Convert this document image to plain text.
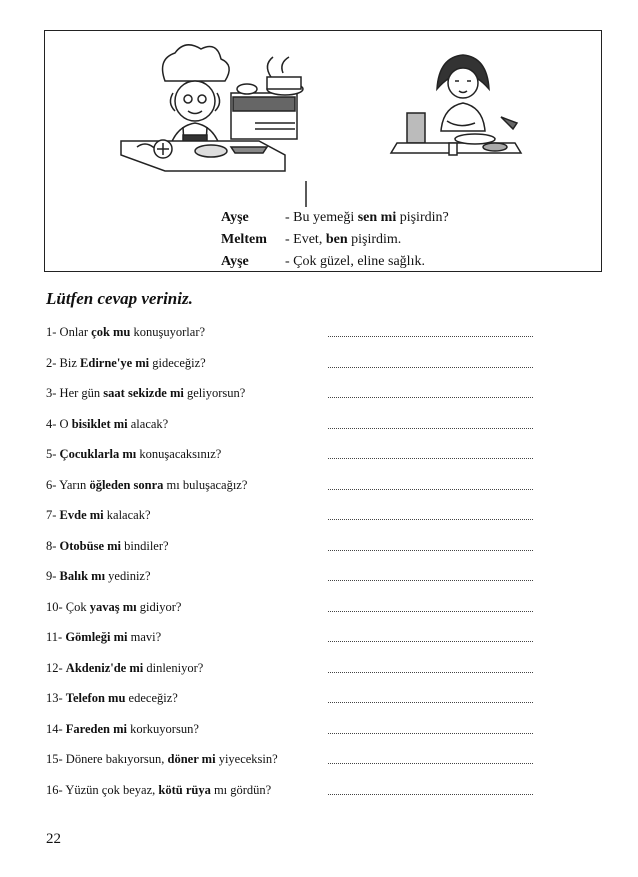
Ayşe	- Bu yemeği sen mi pişirdin?
Meltem	- Evet, ben pişirdim.
Ayşe	- Çok güzel, eline sağlık.
Lütfen cevap veriniz.
1- Onlar çok mu konuşuyorlar?
2- Biz Edirne'ye mi gideceğiz?
3- Her gün saat sekizde mi geliyorsun?
4- O bisiklet mi alacak?
5- Çocuklarla mı konuşacaksınız?
6- Yarın öğleden sonra mı buluşacağız?
7- Evde mi kalacak?
8- Otobüse mi bindiler?
9- Balık mı yediniz?
10- Çok yavaş mı gidiyor?
11- Gömleği mi mavi?
12- Akdeniz'de mi dinleniyor?
13- Telefon mu edeceğiz?
14- Fareden mi korkuyorsun?
15- Dönere bakıyorsun, döner mi yiyeceksin?
16- Yüzün çok beyaz, kötü rüya mı gördün?
22
